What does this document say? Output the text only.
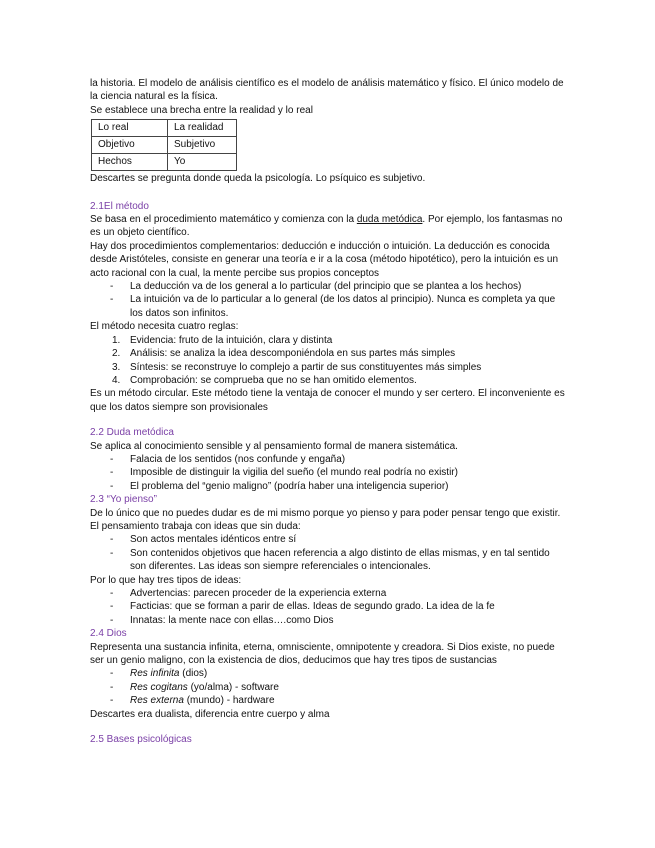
la historia. El modelo de análisis científico es el modelo de análisis matemático y físico. El único modelo de la ciencia natural es la física.

Se establece una brecha entre la realidad y lo real

Lo real	La realidad
Objetivo	Subjetivo
Hechos	Yo

Descartes se pregunta donde queda la psicología. Lo psíquico es subjetivo.

2.1El método

Se basa en el procedimiento matemático y comienza con la duda metódica. Por ejemplo, los fantasmas no es un objeto científico.

Hay dos procedimientos complementarios: deducción e inducción o intuición. La deducción es conocida desde Aristóteles, consiste en generar una teoría e ir a la cosa (método hipotético), pero la intuición es un acto racional con la cual, la mente percibe sus propios conceptos

- La deducción va de los general a lo particular (del principio que se plantea a los hechos)
- La intuición va de lo particular a lo general (de los datos al principio). Nunca es completa ya que los datos son infinitos.

El método necesita cuatro reglas:

1. Evidencia: fruto de la intuición, clara y distinta
2. Análisis: se analiza la idea descomponiéndola en sus partes más simples
3. Síntesis: se reconstruye lo complejo a partir de sus constituyentes más simples
4. Comprobación: se comprueba que no se han omitido elementos.

Es un método circular. Este método tiene la ventaja de conocer el mundo y ser certero. El inconveniente es que los datos siempre son provisionales

2.2 Duda metódica

Se aplica al conocimiento sensible y al pensamiento formal de manera sistemática.

- Falacia de los sentidos (nos confunde y engaña)
- Imposible de distinguir la vigilia del sueño (el mundo real podría no existir)
- El problema del “genio maligno” (podría haber una inteligencia superior)

2.3 “Yo pienso”

De lo único que no puedes dudar es de mi mismo porque yo pienso y para poder pensar tengo que existir. El pensamiento trabaja con ideas que sin duda:

- Son actos mentales idénticos entre sí
- Son contenidos objetivos que hacen referencia a algo distinto de ellas mismas, y en tal sentido son diferentes. Las ideas son siempre referenciales o intencionales.

Por lo que hay tres tipos de ideas:

- Advertencias: parecen proceder de la experiencia externa
- Facticias: que se forman a parir de ellas. Ideas de segundo grado. La idea de la fe
- Innatas: la mente nace con ellas….como Dios

2.4 Dios

Representa una sustancia infinita, eterna, omnisciente, omnipotente y creadora. Si Dios existe, no puede ser un genio maligno, con la existencia de dios, deducimos que hay tres tipos de sustancias

- Res infinita (dios)
- Res cogitans (yo/alma) - software
- Res externa (mundo) - hardware

Descartes era dualista, diferencia entre cuerpo y alma

2.5 Bases psicológicas
